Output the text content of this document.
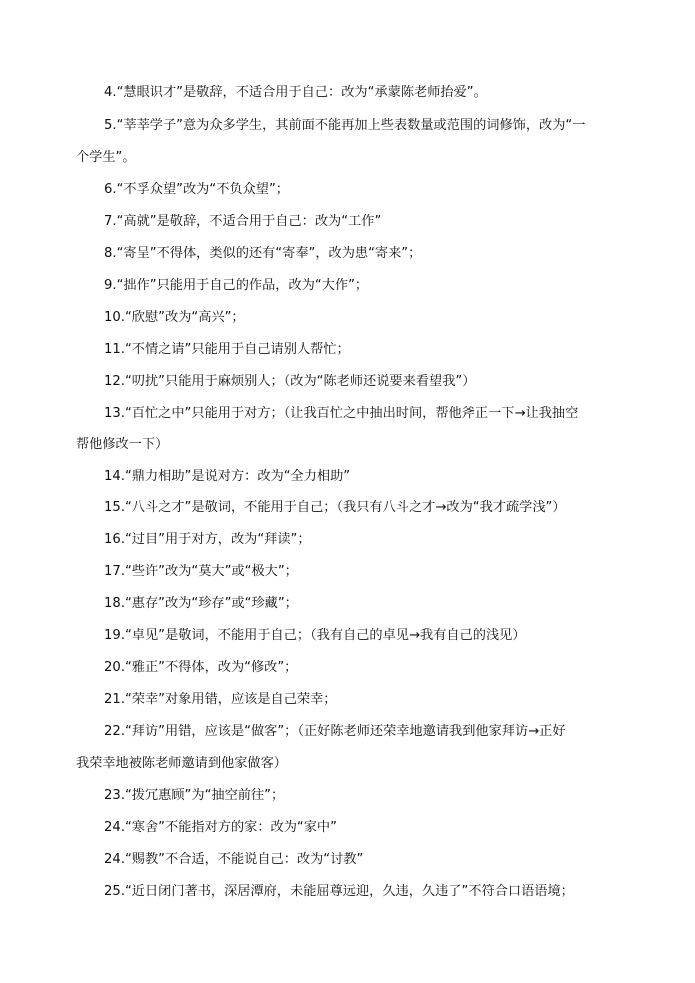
4.“慧眼识才”是敬辞，不适合用于自己：改为“承蒙陈老师抬爱”。
5.“莘莘学子”意为众多学生，其前面不能再加上些表数量或范围的词修饰，改为“一
个学生”。
6.“不孚众望”改为“不负众望”；
7.“高就”是敬辞，不适合用于自己：改为“工作”
8.“寄呈”不得体，类似的还有“寄奉”，改为患“寄来”；
9.“拙作”只能用于自己的作品，改为“大作”；
10.“欣慰”改为“高兴”；
11.“不情之请”只能用于自己请别人帮忙；
12.“叨扰”只能用于麻烦别人；（改为“陈老师还说要来看望我”）
13.“百忙之中”只能用于对方；（让我百忙之中抽出时间，帮他斧正一下→让我抽空
帮他修改一下）
14.“鼎力相助”是说对方：改为“全力相助”
15.“八斗之才”是敬词，不能用于自己；（我只有八斗之才→改为“我才疏学浅”）
16.“过目”用于对方，改为“拜读”；
17.“些许”改为“莫大”或“极大”；
18.“惠存”改为“珍存”或“珍藏”；
19.“卓见”是敬词，不能用于自己；（我有自己的卓见→我有自己的浅见）
20.“雅正”不得体，改为“修改”；
21.“荣幸”对象用错，应该是自己荣幸；
22.“拜访”用错，应该是“做客”；（正好陈老师还荣幸地邀请我到他家拜访→正好
我荣幸地被陈老师邀请到他家做客）
23.“拨冗惠顾”为“抽空前往”；
24.“寒舍”不能指对方的家：改为“家中”
24.“赐教”不合适，不能说自己：改为“讨教”
25.“近日闭门著书，深居潭府，未能屈尊远迎，久违，久违了”不符合口语语境；
